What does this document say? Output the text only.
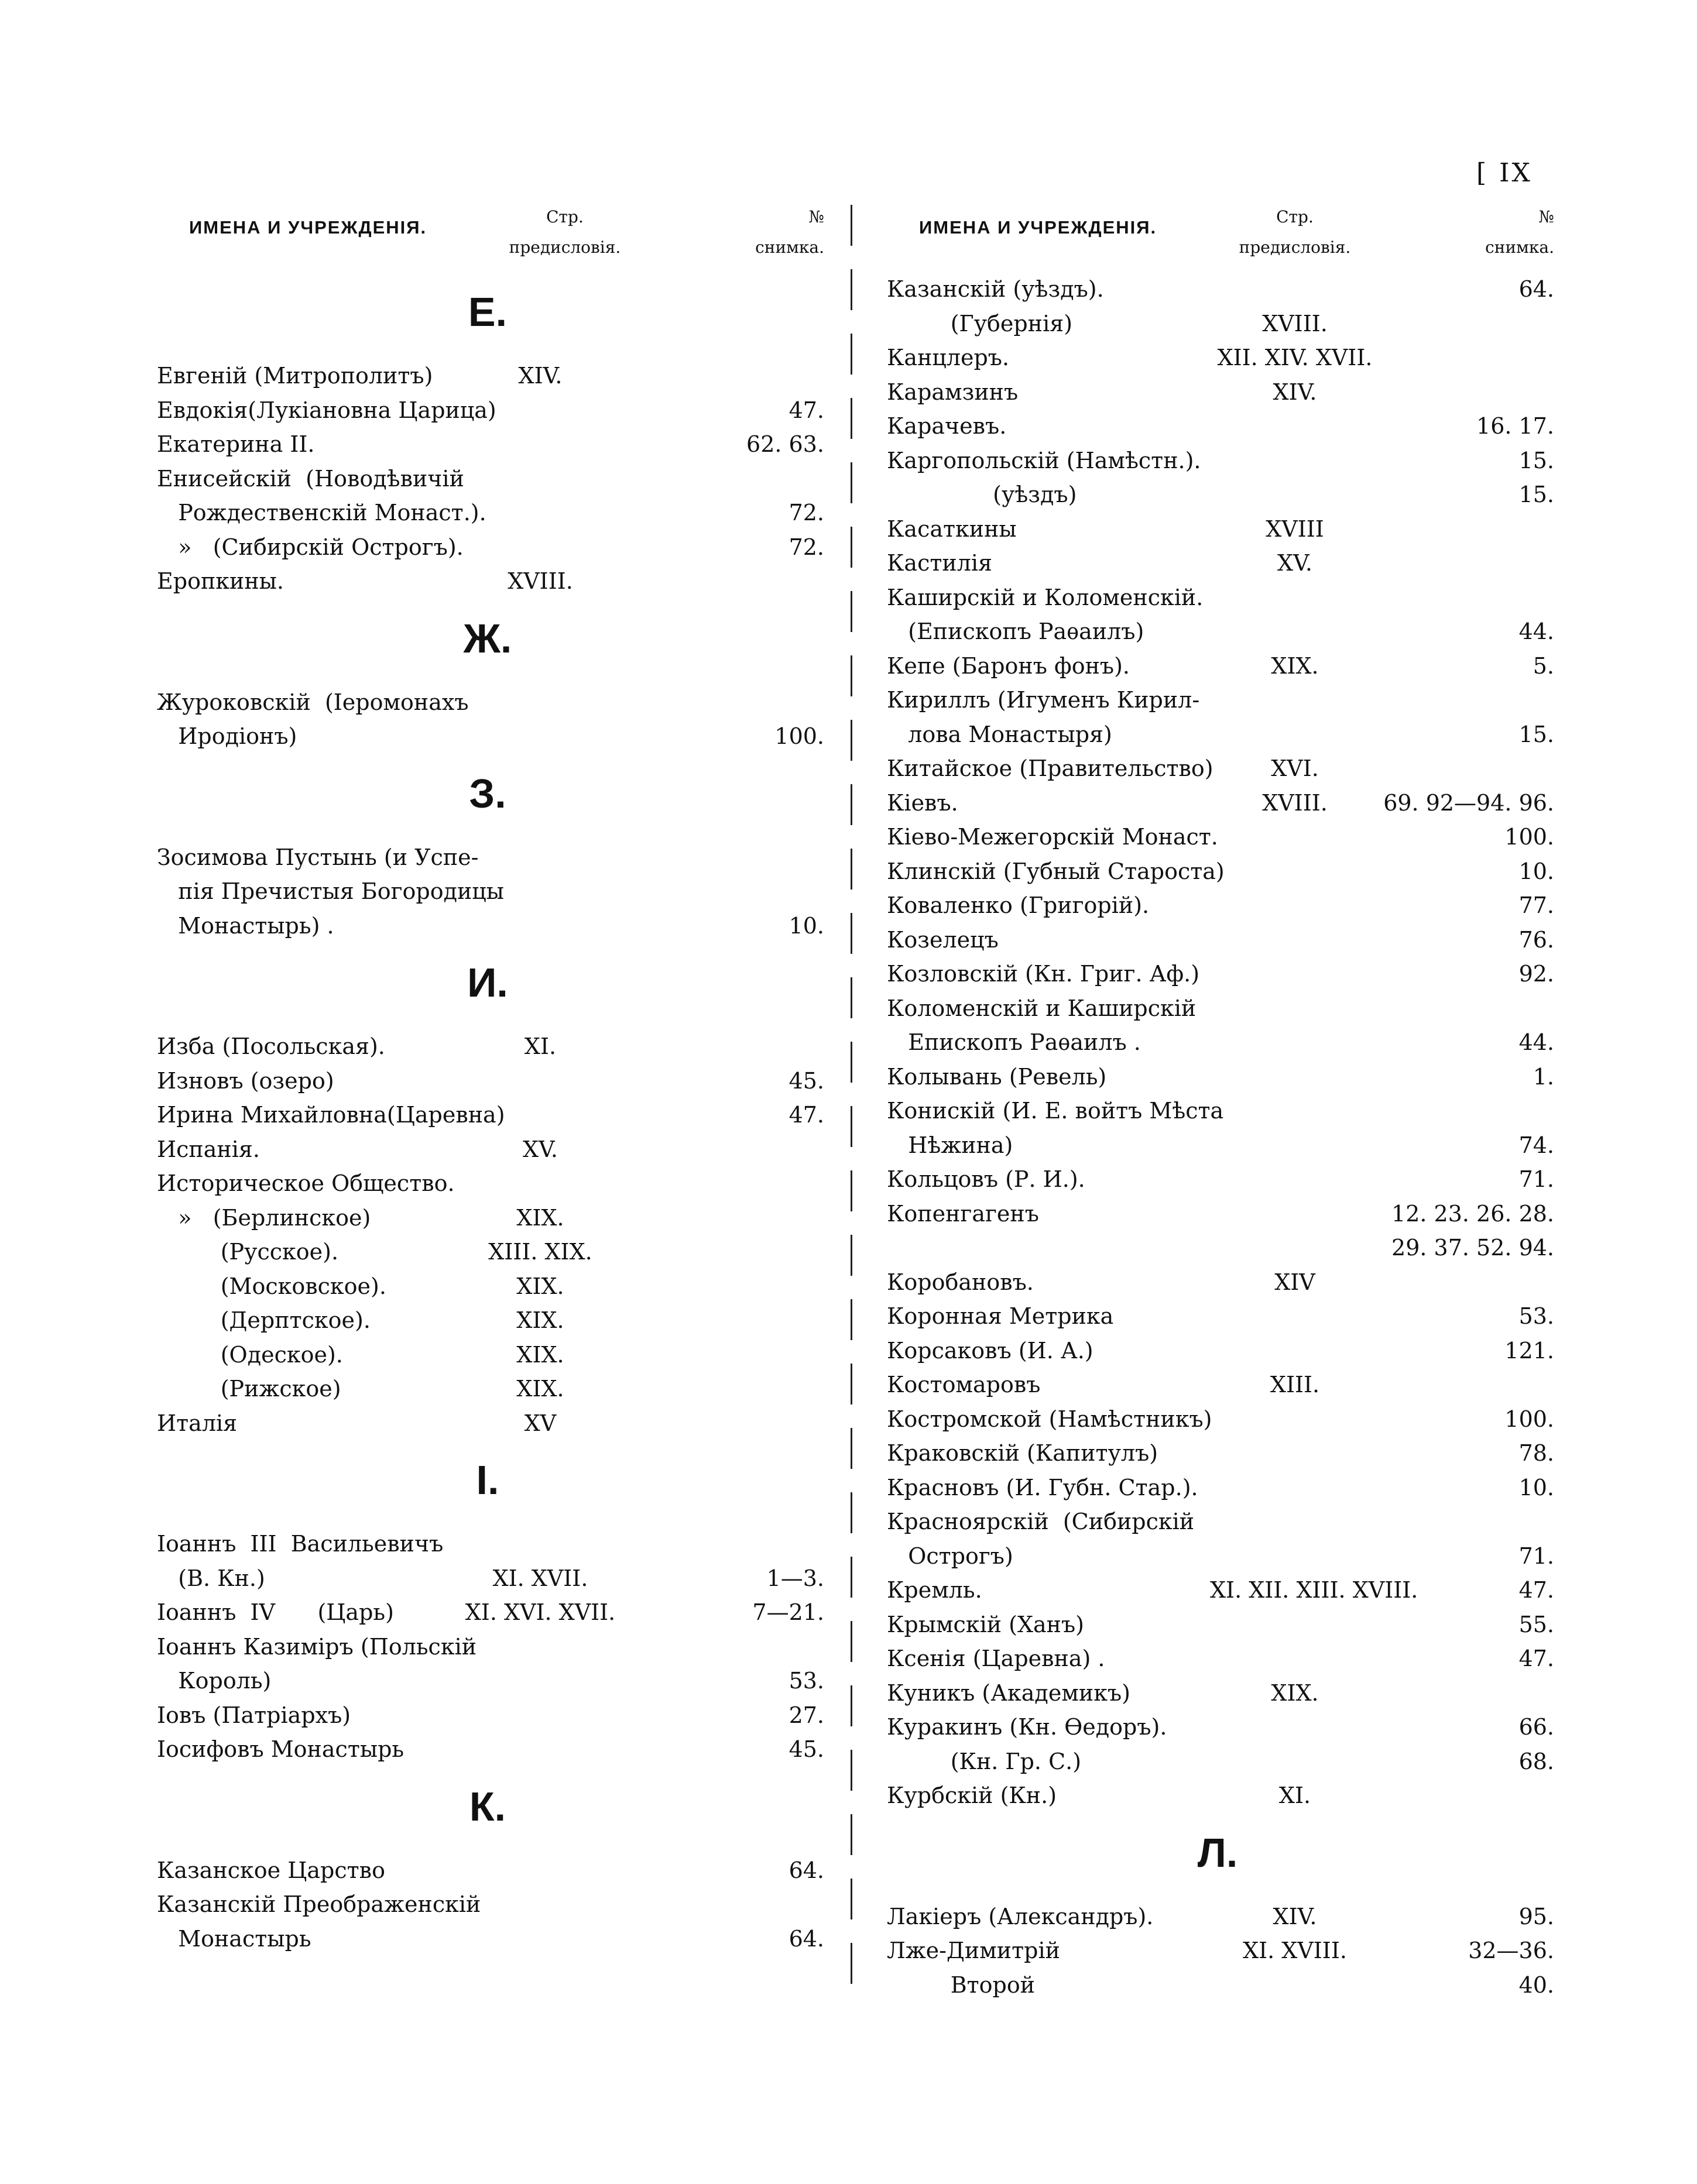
[ IX
ИМЕНА И УЧРЕЖДЕНІЯ.
Стр.
предисловія.
№
снимка.
Е.
Евгеній (Митрополитъ)	XIV.
Евдокія(Лукіановна Царица)	47.
Екатерина II.	62. 63.
Енисейскій  (Новодѣвичій
Рождественскій Монаст.).	72.
»   (Сибирскій Острогъ).	72.
Еропкины.	XVIII.
Ж.
Журоковскій  (Іеромонахъ
Иродіонъ)	100.
З.
Зосимова Пустынь (и Успе-
пія Пречистыя Богородицы
Монастырь) .	10.
И.
Изба (Посольская).	XI.
Изновъ (озеро)	45.
Ирина Михайловна(Царевна)	47.
Испанія.	XV.
Историческое Общество.
»   (Берлинское)	XIX.
(Русское).	XIII. XIX.
(Московское).	XIX.
(Дерптское).	XIX.
(Одеское).	XIX.
(Рижское)	XIX.
Италія	XV
I.
Іоаннъ  III  Васильевичъ
(В. Кн.)	XI. XVII.	1—3.
Іоаннъ  IV      (Царь)	XI. XVI. XVII.	7—21.
Іоаннъ Казиміръ (Польскій
Король)	53.
Іовъ (Патріархъ)	27.
Іосифовъ Монастырь	45.
К.
Казанское Царство	64.
Казанскій Преображенскій
Монастырь	64.
ИМЕНА И УЧРЕЖДЕНІЯ.
Стр.
предисловія.
№
снимка.
Казанскій (уѣздъ).	64.
(Губернія)	XVIII.
Канцлеръ.	XII. XIV. XVII.
Карамзинъ	XIV.
Карачевъ.	16. 17.
Каргопольскій (Намѣстн.).	15.
(уѣздъ)	15.
Касаткины	XVIII
Кастилія	XV.
Каширскій и Коломенскій.
(Епископъ Раѳаилъ)	44.
Кепе (Баронъ фонъ).	XIX.	5.
Кириллъ (Игуменъ Кирил-
лова Монастыря)	15.
Китайское (Правительство)	XVI.
Кіевъ.	XVIII.	69. 92—94. 96.
Кіево-Межегорскій Монаст.	100.
Клинскій (Губный Староста)	10.
Коваленко (Григорій).	77.
Козелецъ	76.
Козловскій (Кн. Григ. Аф.)	92.
Коломенскій и Каширскій
Епископъ Раѳаилъ .	44.
Колывань (Ревель)	1.
Конискій (И. Е. войтъ Мѣста
Нѣжина)	74.
Кольцовъ (Р. И.).	71.
Копенгагенъ	12. 23. 26. 28.
29. 37. 52. 94.
Коробановъ.	XIV
Коронная Метрика	53.
Корсаковъ (И. А.)	121.
Костомаровъ	XIII.
Костромской (Намѣстникъ)	100.
Краковскій (Капитулъ)	78.
Красновъ (И. Губн. Стар.).	10.
Красноярскій  (Сибирскій
Острогъ)	71.
Кремль.	XI. XII. XIII. XVIII.	47.
Крымскій (Ханъ)	55.
Ксенія (Царевна) .	47.
Куникъ (Академикъ)	XIX.
Куракинъ (Кн. Ѳедоръ).	66.
(Кн. Гр. С.)	68.
Курбскій (Кн.)	XI.
Л.
Лакіеръ (Александръ).	XIV.	95.
Лже-Димитрій	XI. XVIII.	32—36.
Второй	40.
